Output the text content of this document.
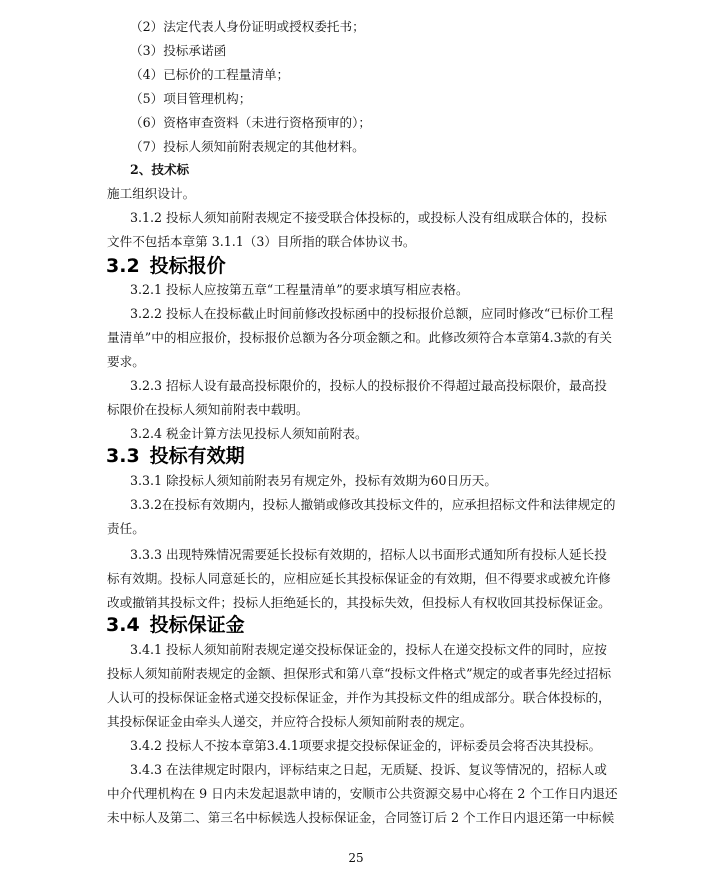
（2）法定代表人身份证明或授权委托书；
（3）投标承诺函
（4）已标价的工程量清单；
（5）项目管理机构；
（6）资格审查资料（未进行资格预审的）；
（7）投标人须知前附表规定的其他材料。
2、技术标
施工组织设计。
3.1.2 投标人须知前附表规定不接受联合体投标的，或投标人没有组成联合体的，投标
文件不包括本章第 3.1.1（3）目所指的联合体协议书。
3.2 投标报价
3.2.1 投标人应按第五章“工程量清单”的要求填写相应表格。
3.2.2 投标人在投标截止时间前修改投标函中的投标报价总额，应同时修改“已标价工程
量清单”中的相应报价，投标报价总额为各分项金额之和。此修改须符合本章第4.3款的有关
要求。
3.2.3 招标人设有最高投标限价的，投标人的投标报价不得超过最高投标限价，最高投
标限价在投标人须知前附表中载明。
3.2.4 税金计算方法见投标人须知前附表。
3.3 投标有效期
3.3.1 除投标人须知前附表另有规定外，投标有效期为60日历天。
3.3.2在投标有效期内，投标人撤销或修改其投标文件的，应承担招标文件和法律规定的
责任。
3.3.3 出现特殊情况需要延长投标有效期的，招标人以书面形式通知所有投标人延长投
标有效期。投标人同意延长的，应相应延长其投标保证金的有效期，但不得要求或被允许修
改或撤销其投标文件；投标人拒绝延长的，其投标失效，但投标人有权收回其投标保证金。
3.4 投标保证金
3.4.1 投标人须知前附表规定递交投标保证金的，投标人在递交投标文件的同时，应按
投标人须知前附表规定的金额、担保形式和第八章“投标文件格式”规定的或者事先经过招标
人认可的投标保证金格式递交投标保证金，并作为其投标文件的组成部分。联合体投标的，
其投标保证金由牵头人递交，并应符合投标人须知前附表的规定。
3.4.2 投标人不按本章第3.4.1项要求提交投标保证金的，评标委员会将否决其投标。
3.4.3 在法律规定时限内，评标结束之日起，无质疑、投诉、复议等情况的，招标人或
中介代理机构在 9 日内未发起退款申请的，安顺市公共资源交易中心将在 2 个工作日内退还
未中标人及第二、第三名中标候选人投标保证金，合同签订后 2 个工作日内退还第一中标候
25
